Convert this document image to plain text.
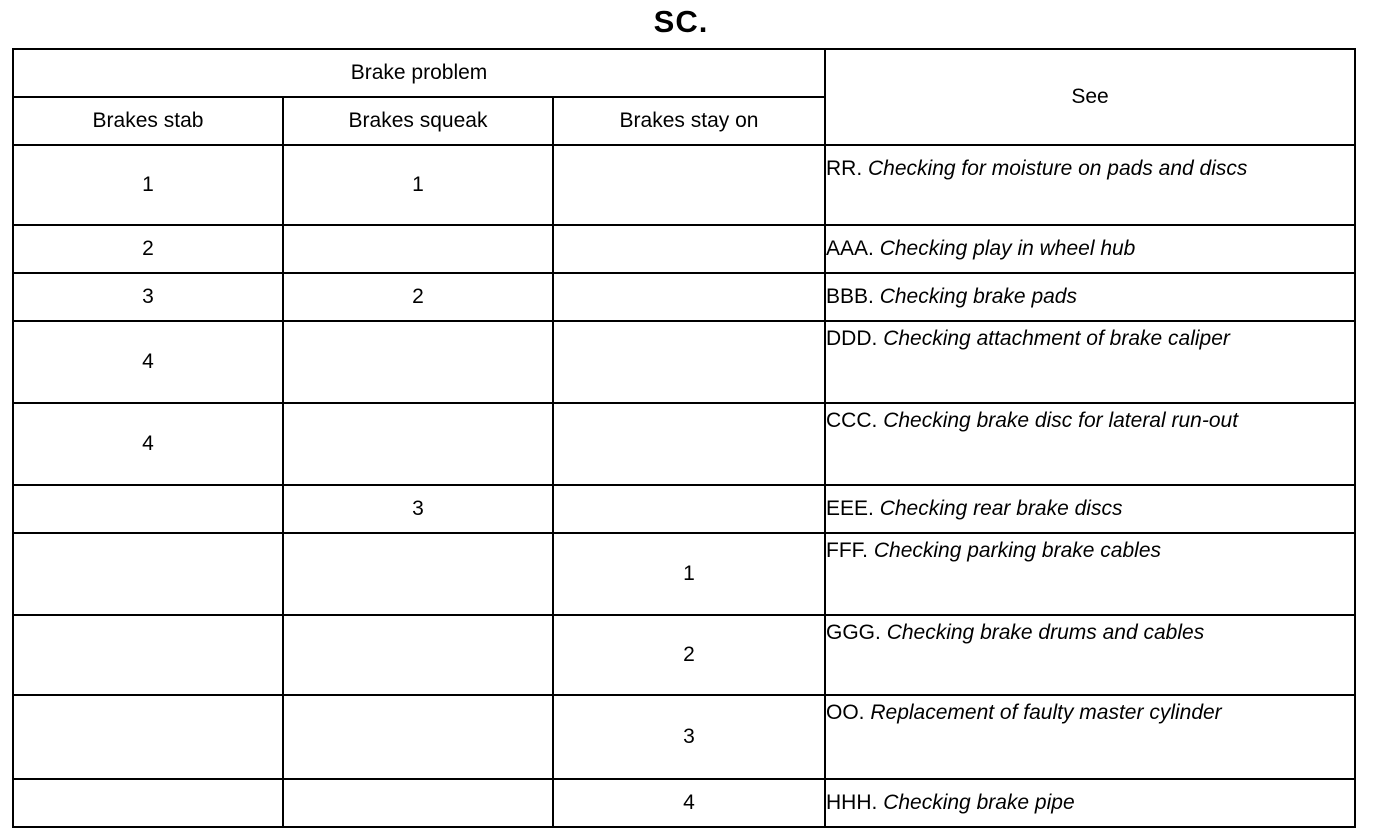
SC.
Brake problem			See
Brakes stab	Brakes squeak	Brakes stay on	
1	1		RR. Checking for moisture on pads and discs
2			AAA. Checking play in wheel hub
3	2		BBB. Checking brake pads
4			DDD. Checking attachment of brake caliper
4			CCC. Checking brake disc for lateral run-out
	3		EEE. Checking rear brake discs
		1	FFF. Checking parking brake cables
		2	GGG. Checking brake drums and cables
		3	OO. Replacement of faulty master cylinder
		4	HHH. Checking brake pipe
